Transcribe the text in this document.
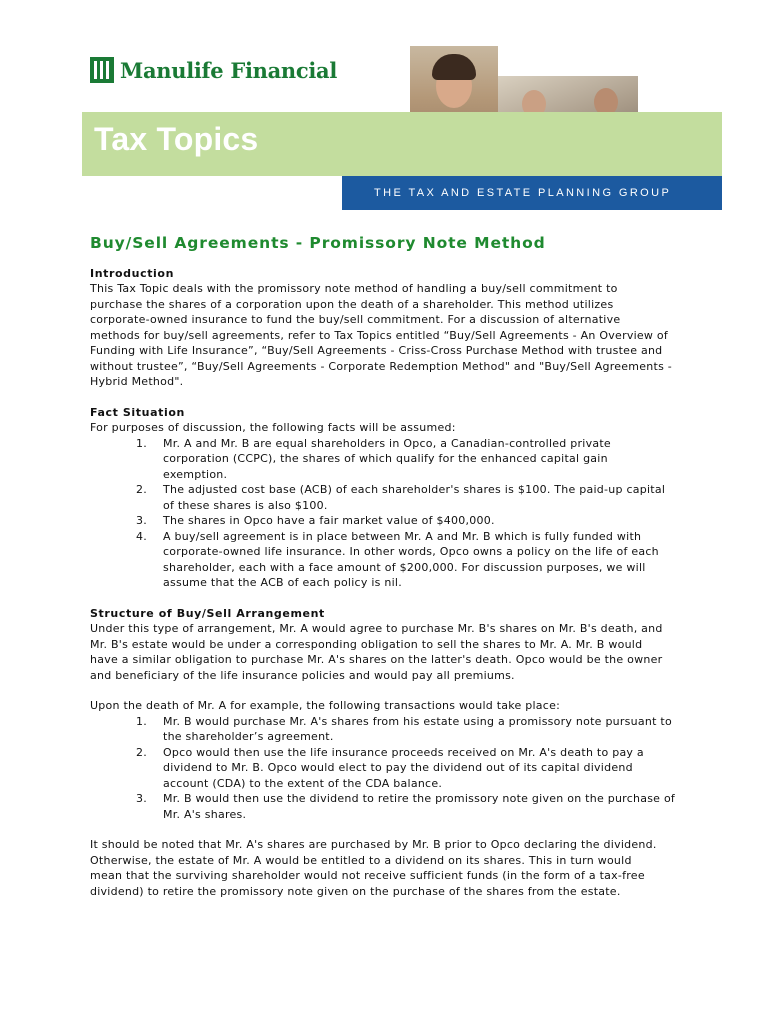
Manulife Financial
Tax Topics
THE TAX AND ESTATE PLANNING GROUP
Buy/Sell Agreements - Promissory Note Method
Introduction
This Tax Topic deals with the promissory note method of handling a buy/sell commitment to
purchase the shares of a corporation upon the death of a shareholder. This method utilizes
corporate-owned insurance to fund the buy/sell commitment. For a discussion of alternative
methods for buy/sell agreements, refer to Tax Topics entitled “Buy/Sell Agreements - An Overview of
Funding with Life Insurance”, “Buy/Sell Agreements - Criss-Cross Purchase Method with trustee and
without trustee”, “Buy/Sell Agreements - Corporate Redemption Method" and "Buy/Sell Agreements -
Hybrid Method".
Fact Situation
For purposes of discussion, the following facts will be assumed:
1.	Mr. A and Mr. B are equal shareholders in Opco, a Canadian-controlled private
corporation (CCPC), the shares of which qualify for the enhanced capital gain
exemption.
2.	The adjusted cost base (ACB) of each shareholder's shares is $100. The paid-up capital
of these shares is also $100.
3.	The shares in Opco have a fair market value of $400,000.
4.	A buy/sell agreement is in place between Mr. A and Mr. B which is fully funded with
corporate-owned life insurance. In other words, Opco owns a policy on the life of each
shareholder, each with a face amount of $200,000. For discussion purposes, we will
assume that the ACB of each policy is nil.
Structure of Buy/Sell Arrangement
Under this type of arrangement, Mr. A would agree to purchase Mr. B's shares on Mr. B's death, and
Mr. B's estate would be under a corresponding obligation to sell the shares to Mr. A. Mr. B would
have a similar obligation to purchase Mr. A's shares on the latter's death. Opco would be the owner
and beneficiary of the life insurance policies and would pay all premiums.
Upon the death of Mr. A for example, the following transactions would take place:
1.	Mr. B would purchase Mr. A's shares from his estate using a promissory note pursuant to
the shareholder’s agreement.
2.	Opco would then use the life insurance proceeds received on Mr. A's death to pay a
dividend to Mr. B. Opco would elect to pay the dividend out of its capital dividend
account (CDA) to the extent of the CDA balance.
3.	Mr. B would then use the dividend to retire the promissory note given on the purchase of
Mr. A's shares.
It should be noted that Mr. A's shares are purchased by Mr. B prior to Opco declaring the dividend.
Otherwise, the estate of Mr. A would be entitled to a dividend on its shares. This in turn would
mean that the surviving shareholder would not receive sufficient funds (in the form of a tax-free
dividend) to retire the promissory note given on the purchase of the shares from the estate.
